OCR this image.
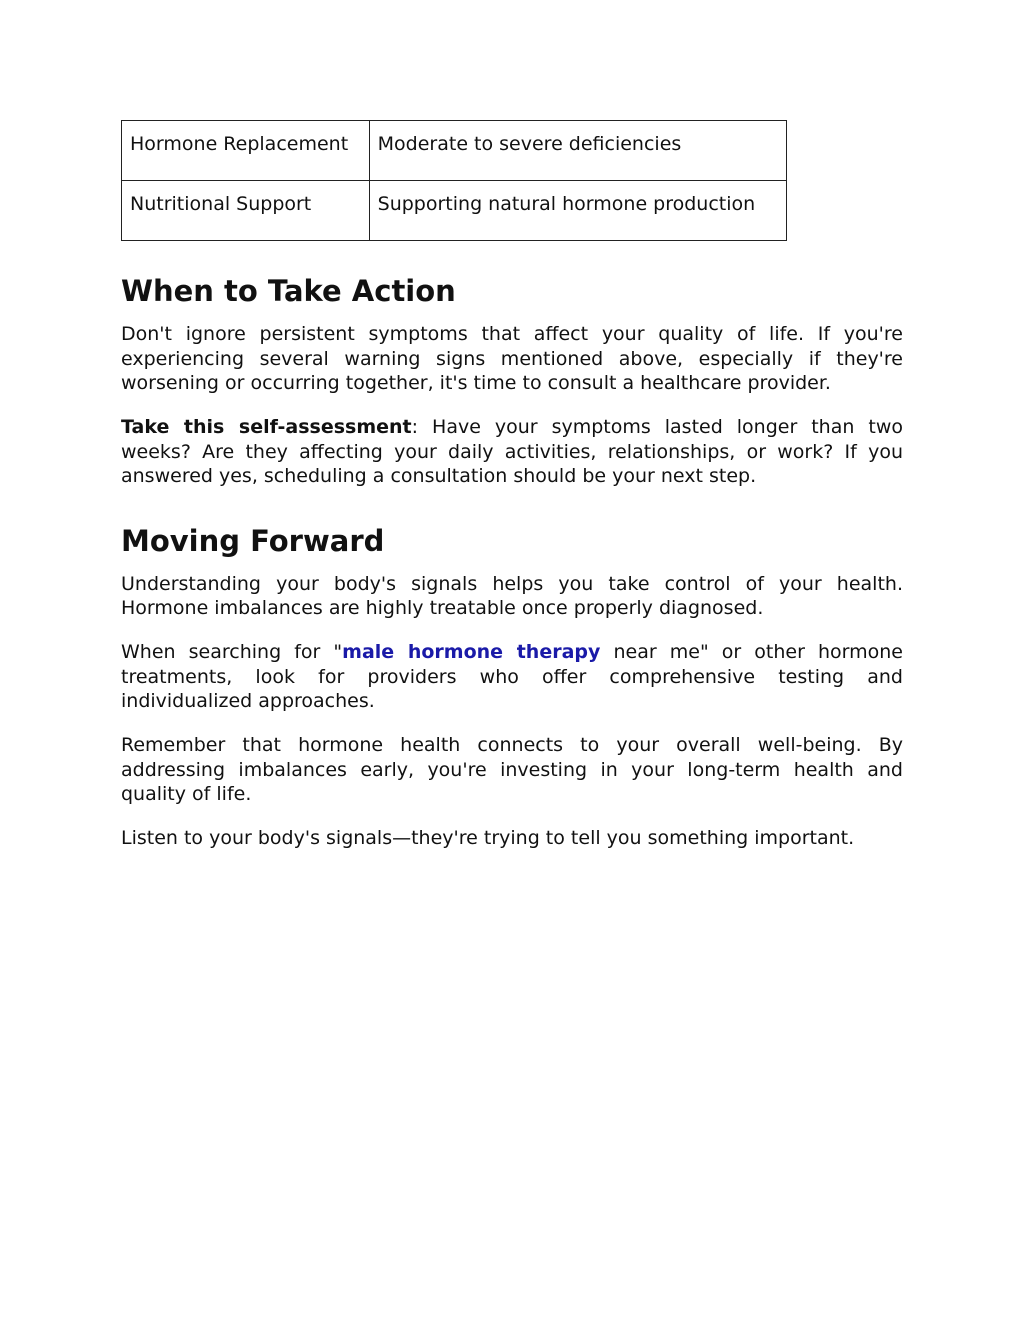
Hormone Replacement	Moderate to severe deficiencies
Nutritional Support	Supporting natural hormone production
When to Take Action

Don't ignore persistent symptoms that affect your quality of life. If you're experiencing several warning signs mentioned above, especially if they're worsening or occurring together, it's time to consult a healthcare provider.

Take this self-assessment: Have your symptoms lasted longer than two weeks? Are they affecting your daily activities, relationships, or work? If you answered yes, scheduling a consultation should be your next step.

Moving Forward

Understanding your body's signals helps you take control of your health. Hormone imbalances are highly treatable once properly diagnosed.

When searching for "male hormone therapy near me" or other hormone treatments, look for providers who offer comprehensive testing and individualized approaches.

Remember that hormone health connects to your overall well-being. By addressing imbalances early, you're investing in your long-term health and quality of life.

Listen to your body's signals—they're trying to tell you something important.
